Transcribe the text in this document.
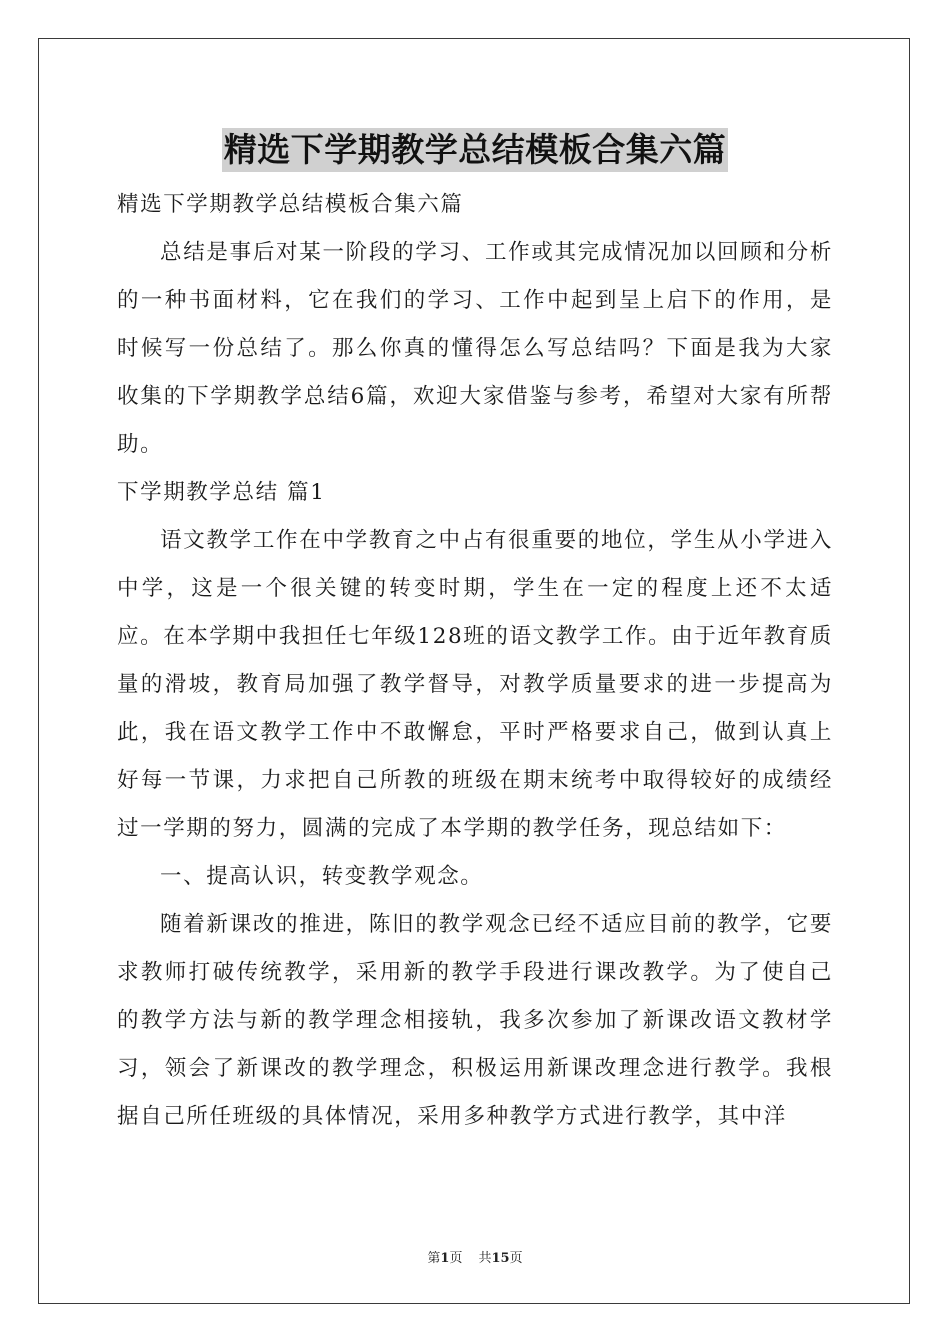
精选下学期教学总结模板合集六篇

精选下学期教学总结模板合集六篇

总结是事后对某一阶段的学习、工作或其完成情况加以回顾和分析的一种书面材料，它在我们的学习、工作中起到呈上启下的作用，是时候写一份总结了。那么你真的懂得怎么写总结吗？下面是我为大家收集的下学期教学总结6篇，欢迎大家借鉴与参考，希望对大家有所帮助。

下学期教学总结 篇1

语文教学工作在中学教育之中占有很重要的地位，学生从小学进入中学，这是一个很关键的转变时期，学生在一定的程度上还不太适应。在本学期中我担任七年级128班的语文教学工作。由于近年教育质量的滑坡，教育局加强了教学督导，对教学质量要求的进一步提高为此，我在语文教学工作中不敢懈怠，平时严格要求自己，做到认真上好每一节课，力求把自己所教的班级在期末统考中取得较好的成绩经过一学期的努力，圆满的完成了本学期的教学任务，现总结如下：

一、提高认识，转变教学观念。

随着新课改的推进，陈旧的教学观念已经不适应目前的教学，它要求教师打破传统教学，采用新的教学手段进行课改教学。为了使自己的教学方法与新的教学理念相接轨，我多次参加了新课改语文教材学习，领会了新课改的教学理念，积极运用新课改理念进行教学。我根据自己所任班级的具体情况，采用多种教学方式进行教学，其中洋

第1页 共15页
